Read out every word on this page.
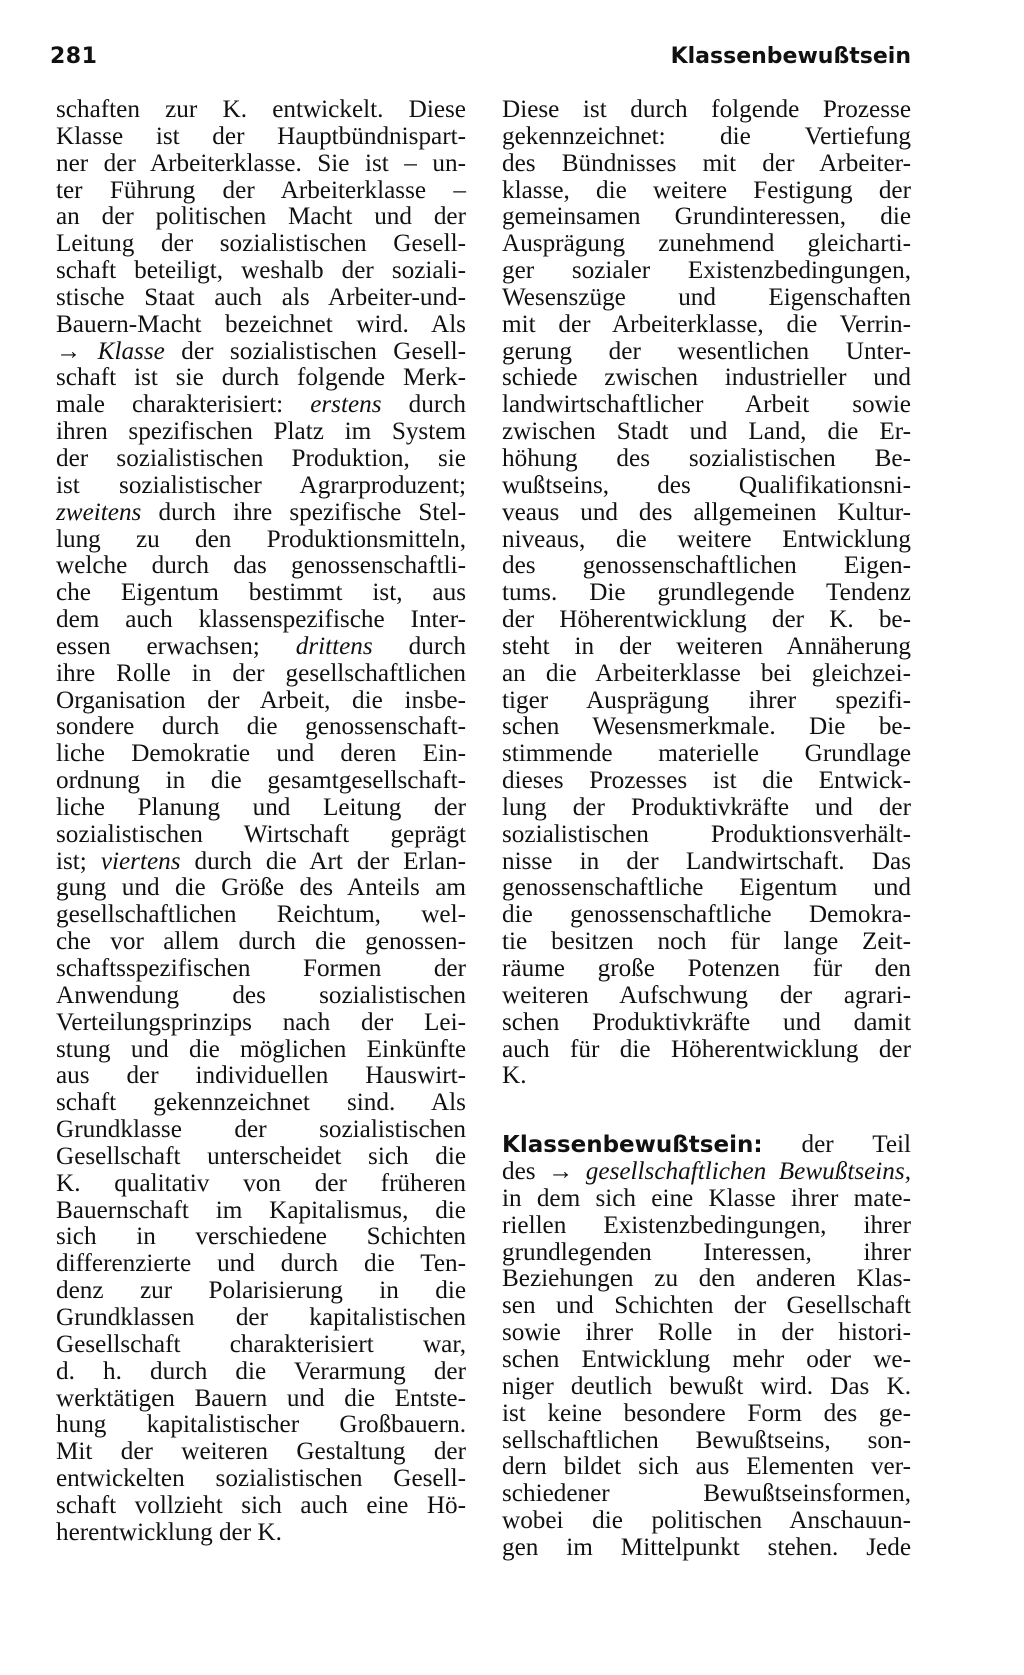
281	Klassenbewußtsein
schaften zur K. entwickelt. Diese
Klasse ist der Hauptbündnispart-
ner der Arbeiterklasse. Sie ist – un-
ter Führung der Arbeiterklasse –
an der politischen Macht und der
Leitung der sozialistischen Gesell-
schaft beteiligt, weshalb der soziali-
stische Staat auch als Arbeiter-und-
Bauern-Macht bezeichnet wird. Als
→ Klasse der sozialistischen Gesell-
schaft ist sie durch folgende Merk-
male charakterisiert: erstens durch
ihren spezifischen Platz im System
der sozialistischen Produktion, sie
ist sozialistischer Agrarproduzent;
zweitens durch ihre spezifische Stel-
lung zu den Produktionsmitteln,
welche durch das genossenschaftli-
che Eigentum bestimmt ist, aus
dem auch klassenspezifische Inter-
essen erwachsen; drittens durch
ihre Rolle in der gesellschaftlichen
Organisation der Arbeit, die insbe-
sondere durch die genossenschaft-
liche Demokratie und deren Ein-
ordnung in die gesamtgesellschaft-
liche Planung und Leitung der
sozialistischen Wirtschaft geprägt
ist; viertens durch die Art der Erlan-
gung und die Größe des Anteils am
gesellschaftlichen Reichtum, wel-
che vor allem durch die genossen-
schaftsspezifischen Formen der
Anwendung des sozialistischen
Verteilungsprinzips nach der Lei-
stung und die möglichen Einkünfte
aus der individuellen Hauswirt-
schaft gekennzeichnet sind. Als
Grundklasse der sozialistischen
Gesellschaft unterscheidet sich die
K. qualitativ von der früheren
Bauernschaft im Kapitalismus, die
sich in verschiedene Schichten
differenzierte und durch die Ten-
denz zur Polarisierung in die
Grundklassen der kapitalistischen
Gesellschaft charakterisiert war,
d. h. durch die Verarmung der
werktätigen Bauern und die Entste-
hung kapitalistischer Großbauern.
Mit der weiteren Gestaltung der
entwickelten sozialistischen Gesell-
schaft vollzieht sich auch eine Hö-
herentwicklung der K.
Diese ist durch folgende Prozesse
gekennzeichnet: die Vertiefung
des Bündnisses mit der Arbeiter-
klasse, die weitere Festigung der
gemeinsamen Grundinteressen, die
Ausprägung zunehmend gleicharti-
ger sozialer Existenzbedingungen,
Wesenszüge und Eigenschaften
mit der Arbeiterklasse, die Verrin-
gerung der wesentlichen Unter-
schiede zwischen industrieller und
landwirtschaftlicher Arbeit sowie
zwischen Stadt und Land, die Er-
höhung des sozialistischen Be-
wußtseins, des Qualifikationsni-
veaus und des allgemeinen Kultur-
niveaus, die weitere Entwicklung
des genossenschaftlichen Eigen-
tums. Die grundlegende Tendenz
der Höherentwicklung der K. be-
steht in der weiteren Annäherung
an die Arbeiterklasse bei gleichzei-
tiger Ausprägung ihrer spezifi-
schen Wesensmerkmale. Die be-
stimmende materielle Grundlage
dieses Prozesses ist die Entwick-
lung der Produktivkräfte und der
sozialistischen Produktionsverhält-
nisse in der Landwirtschaft. Das
genossenschaftliche Eigentum und
die genossenschaftliche Demokra-
tie besitzen noch für lange Zeit-
räume große Potenzen für den
weiteren Aufschwung der agrari-
schen Produktivkräfte und damit
auch für die Höherentwicklung der
K.
Klassenbewußtsein: der Teil
des → gesellschaftlichen Bewußtseins,
in dem sich eine Klasse ihrer mate-
riellen Existenzbedingungen, ihrer
grundlegenden Interessen, ihrer
Beziehungen zu den anderen Klas-
sen und Schichten der Gesellschaft
sowie ihrer Rolle in der histori-
schen Entwicklung mehr oder we-
niger deutlich bewußt wird. Das K.
ist keine besondere Form des ge-
sellschaftlichen Bewußtseins, son-
dern bildet sich aus Elementen ver-
schiedener Bewußtseinsformen,
wobei die politischen Anschauun-
gen im Mittelpunkt stehen. Jede
